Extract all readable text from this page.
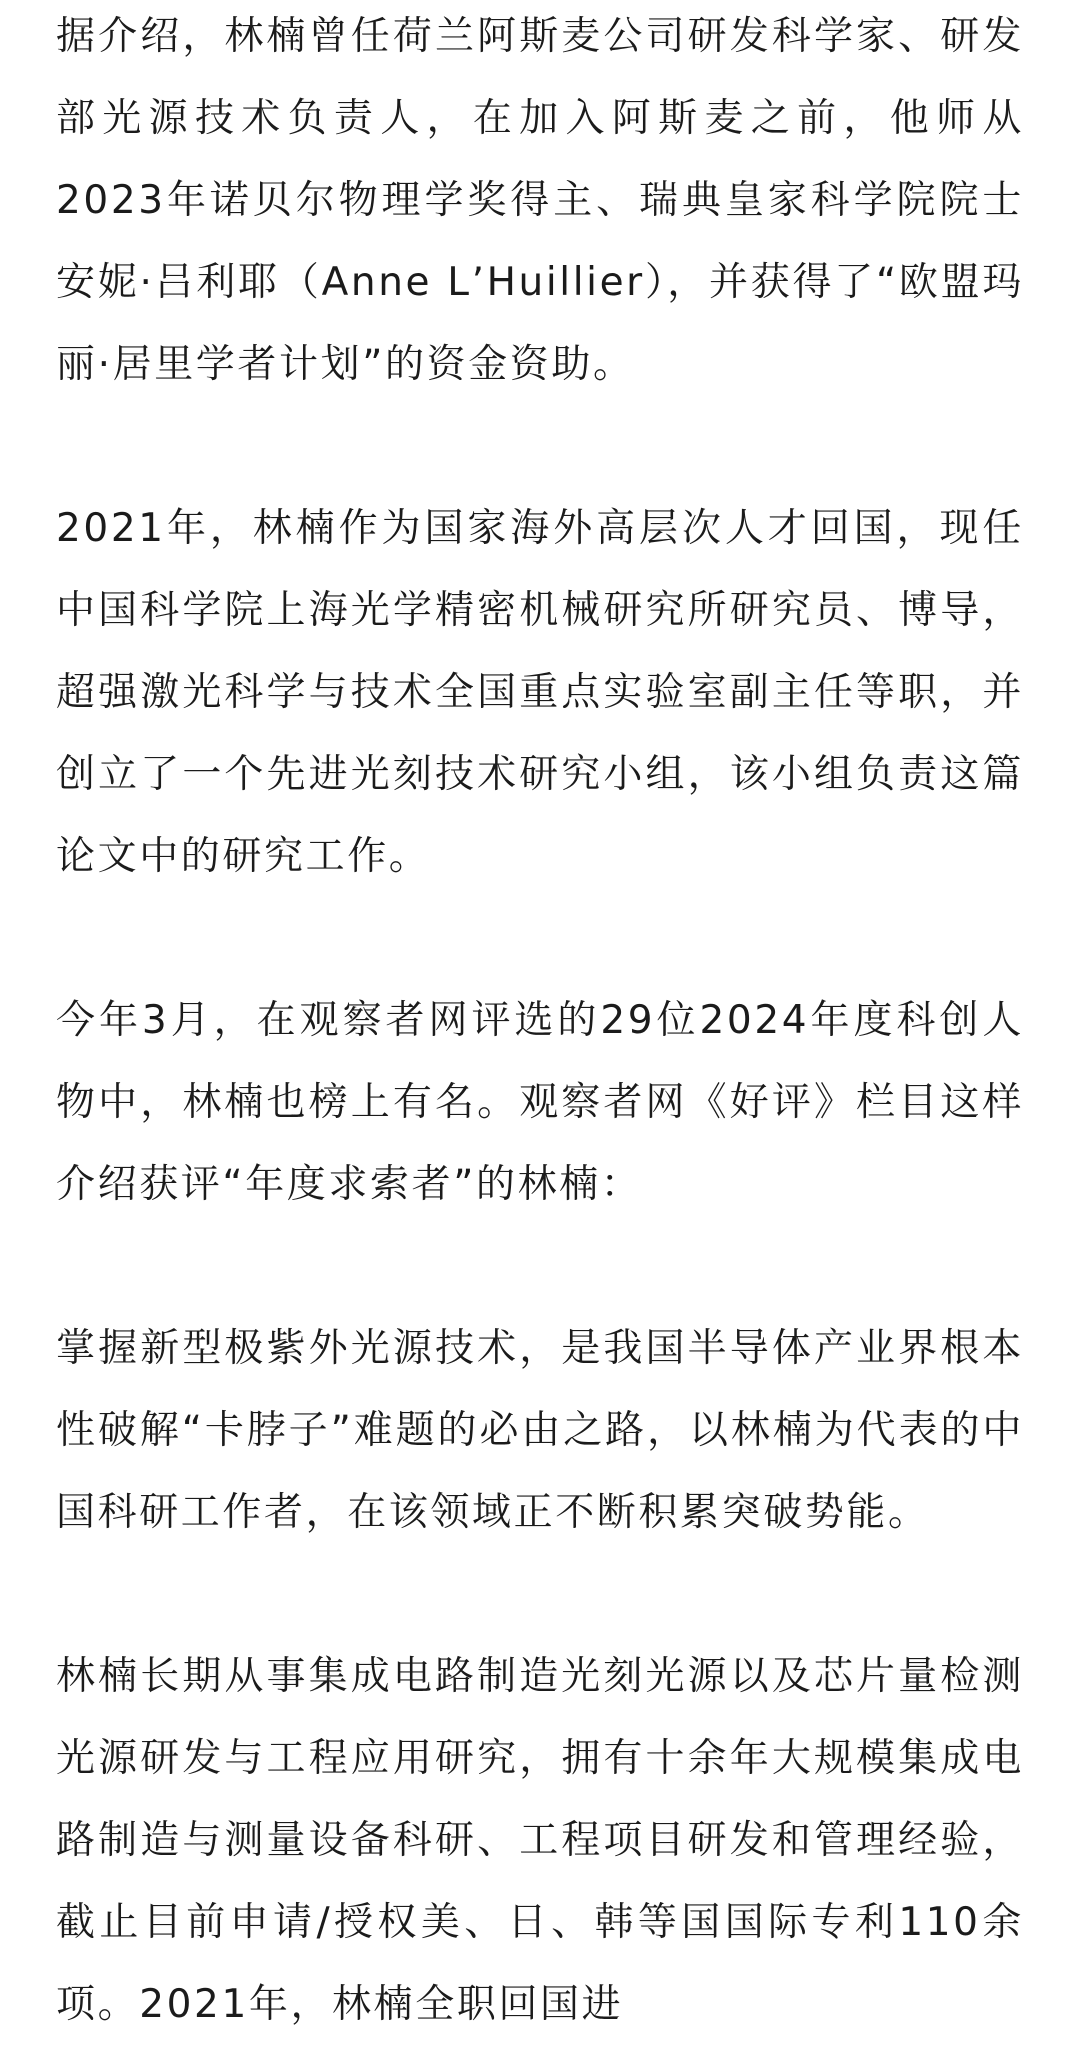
据介绍，林楠曾任荷兰阿斯麦公司研发科学家、研发部光源技术负责人，在加入阿斯麦之前，他师从2023年诺贝尔物理学奖得主、瑞典皇家科学院院士安妮·吕利耶（Anne L’Huillier），并获得了“欧盟玛丽·居里学者计划”的资金资助。

2021年，林楠作为国家海外高层次人才回国，现任中国科学院上海光学精密机械研究所研究员、博导，超强激光科学与技术全国重点实验室副主任等职，并创立了一个先进光刻技术研究小组，该小组负责这篇论文中的研究工作。

今年3月，在观察者网评选的29位2024年度科创人物中，林楠也榜上有名。观察者网《好评》栏目这样介绍获评“年度求索者”的林楠：

掌握新型极紫外光源技术，是我国半导体产业界根本性破解“卡脖子”难题的必由之路，以林楠为代表的中国科研工作者，在该领域正不断积累突破势能。

林楠长期从事集成电路制造光刻光源以及芯片量检测光源研发与工程应用研究，拥有十余年大规模集成电路制造与测量设备科研、工程项目研发和管理经验，截止目前申请/授权美、日、韩等国国际专利110余项。2021年，林楠全职回国进
